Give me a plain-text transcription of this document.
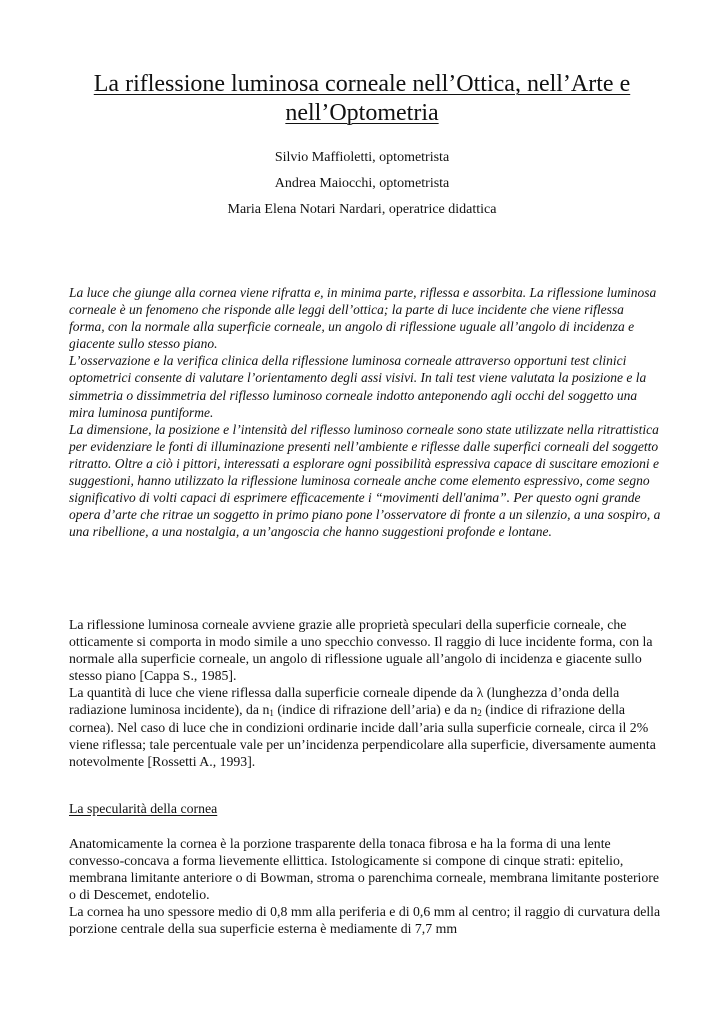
La riflessione luminosa corneale nell’Ottica, nell’Arte e nell’Optometria

Silvio Maffioletti, optometrista

Andrea Maiocchi, optometrista

Maria Elena Notari Nardari, operatrice didattica

La luce che giunge alla cornea viene rifratta e, in minima parte, riflessa e assorbita. La riflessione luminosa corneale è un fenomeno che risponde alle leggi dell’ottica; la parte di luce incidente che viene riflessa forma, con la normale alla superficie corneale, un angolo di riflessione uguale all’angolo di incidenza e giacente sullo stesso piano.

L’osservazione e la verifica clinica della riflessione luminosa corneale attraverso opportuni test clinici optometrici consente di valutare l’orientamento degli assi visivi. In tali test viene valutata la posizione e la simmetria o dissimmetria del riflesso luminoso corneale indotto anteponendo agli occhi del soggetto una mira luminosa puntiforme.

La dimensione, la posizione e l’intensità del riflesso luminoso corneale sono state utilizzate nella ritrattistica per evidenziare le fonti di illuminazione presenti nell’ambiente e riflesse dalle superfici corneali del soggetto ritratto. Oltre a ciò i pittori, interessati a esplorare ogni possibilità espressiva capace di suscitare emozioni e suggestioni, hanno utilizzato la riflessione luminosa corneale anche come elemento espressivo, come segno significativo di volti capaci di esprimere efficacemente i “movimenti dell'anima”. Per questo ogni grande opera d’arte che ritrae un soggetto in primo piano pone l’osservatore di fronte a un silenzio, a una sospiro, a una ribellione, a una nostalgia, a un’angoscia che hanno suggestioni profonde e lontane.

La riflessione luminosa corneale avviene grazie alle proprietà speculari della superficie corneale, che otticamente si comporta in modo simile a uno specchio convesso. Il raggio di luce incidente forma, con la normale alla superficie corneale, un angolo di riflessione uguale all’angolo di incidenza e giacente sullo stesso piano [Cappa S., 1985].

La quantità di luce che viene riflessa dalla superficie corneale dipende da λ (lunghezza d’onda della radiazione luminosa incidente), da $n_1$ (indice di rifrazione dell’aria) e da $n_2$ (indice di rifrazione della cornea). Nel caso di luce che in condizioni ordinarie incide dall’aria sulla superficie corneale, circa il 2% viene riflessa; tale percentuale vale per un’incidenza perpendicolare alla superficie, diversamente aumenta notevolmente [Rossetti A., 1993].

La specularità della cornea

Anatomicamente la cornea è la porzione trasparente della tonaca fibrosa e ha la forma di una lente convesso-concava a forma lievemente ellittica. Istologicamente si compone di cinque strati: epitelio, membrana limitante anteriore o di Bowman, stroma o parenchima corneale, membrana limitante posteriore o di Descemet, endotelio.

La cornea ha uno spessore medio di 0,8 mm alla periferia e di 0,6 mm al centro; il raggio di curvatura della porzione centrale della sua superficie esterna è mediamente di 7,7 mm
